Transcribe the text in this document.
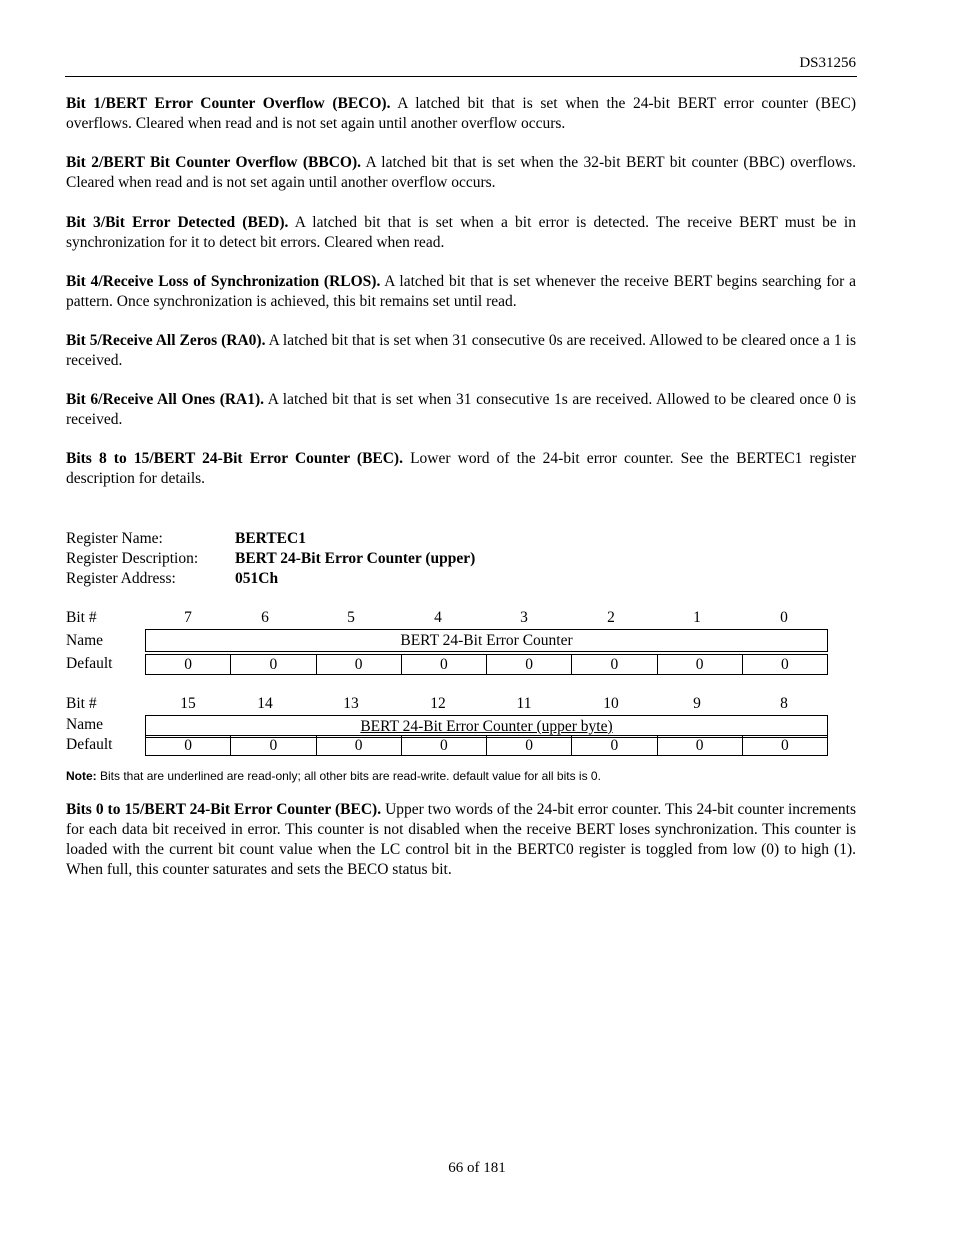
DS31256

Bit 1/BERT Error Counter Overflow (BECO). A latched bit that is set when the 24-bit BERT error counter (BEC) overflows. Cleared when read and is not set again until another overflow occurs.

Bit 2/BERT Bit Counter Overflow (BBCO). A latched bit that is set when the 32-bit BERT bit counter (BBC) overflows. Cleared when read and is not set again until another overflow occurs.

Bit 3/Bit Error Detected (BED). A latched bit that is set when a bit error is detected. The receive BERT must be in synchronization for it to detect bit errors. Cleared when read.

Bit 4/Receive Loss of Synchronization (RLOS). A latched bit that is set whenever the receive BERT begins searching for a pattern. Once synchronization is achieved, this bit remains set until read.

Bit 5/Receive All Zeros (RA0). A latched bit that is set when 31 consecutive 0s are received. Allowed to be cleared once a 1 is received.

Bit 6/Receive All Ones (RA1). A latched bit that is set when 31 consecutive 1s are received. Allowed to be cleared once 0 is received.

Bits 8 to 15/BERT 24-Bit Error Counter (BEC). Lower word of the 24-bit error counter. See the BERTEC1 register description for details.

Register Name:	BERTEC1
Register Description:	BERT 24-Bit Error Counter (upper)
Register Address:	051Ch
Bit #	7	6	5	4	3	2	1	0
Name	BERT 24-Bit Error Counter
Default	0	0	0	0	0	0	0	0
Bit #	15	14	13	12	11	10	9	8
Name	BERT 24-Bit Error Counter (upper byte)
Default	0	0	0	0	0	0	0	0
Note: Bits that are underlined are read-only; all other bits are read-write. default value for all bits is 0.

Bits 0 to 15/BERT 24-Bit Error Counter (BEC). Upper two words of the 24-bit error counter. This 24-bit counter increments for each data bit received in error. This counter is not disabled when the receive BERT loses synchronization. This counter is loaded with the current bit count value when the LC control bit in the BERTC0 register is toggled from low (0) to high (1). When full, this counter saturates and sets the BECO status bit.

66 of 181
